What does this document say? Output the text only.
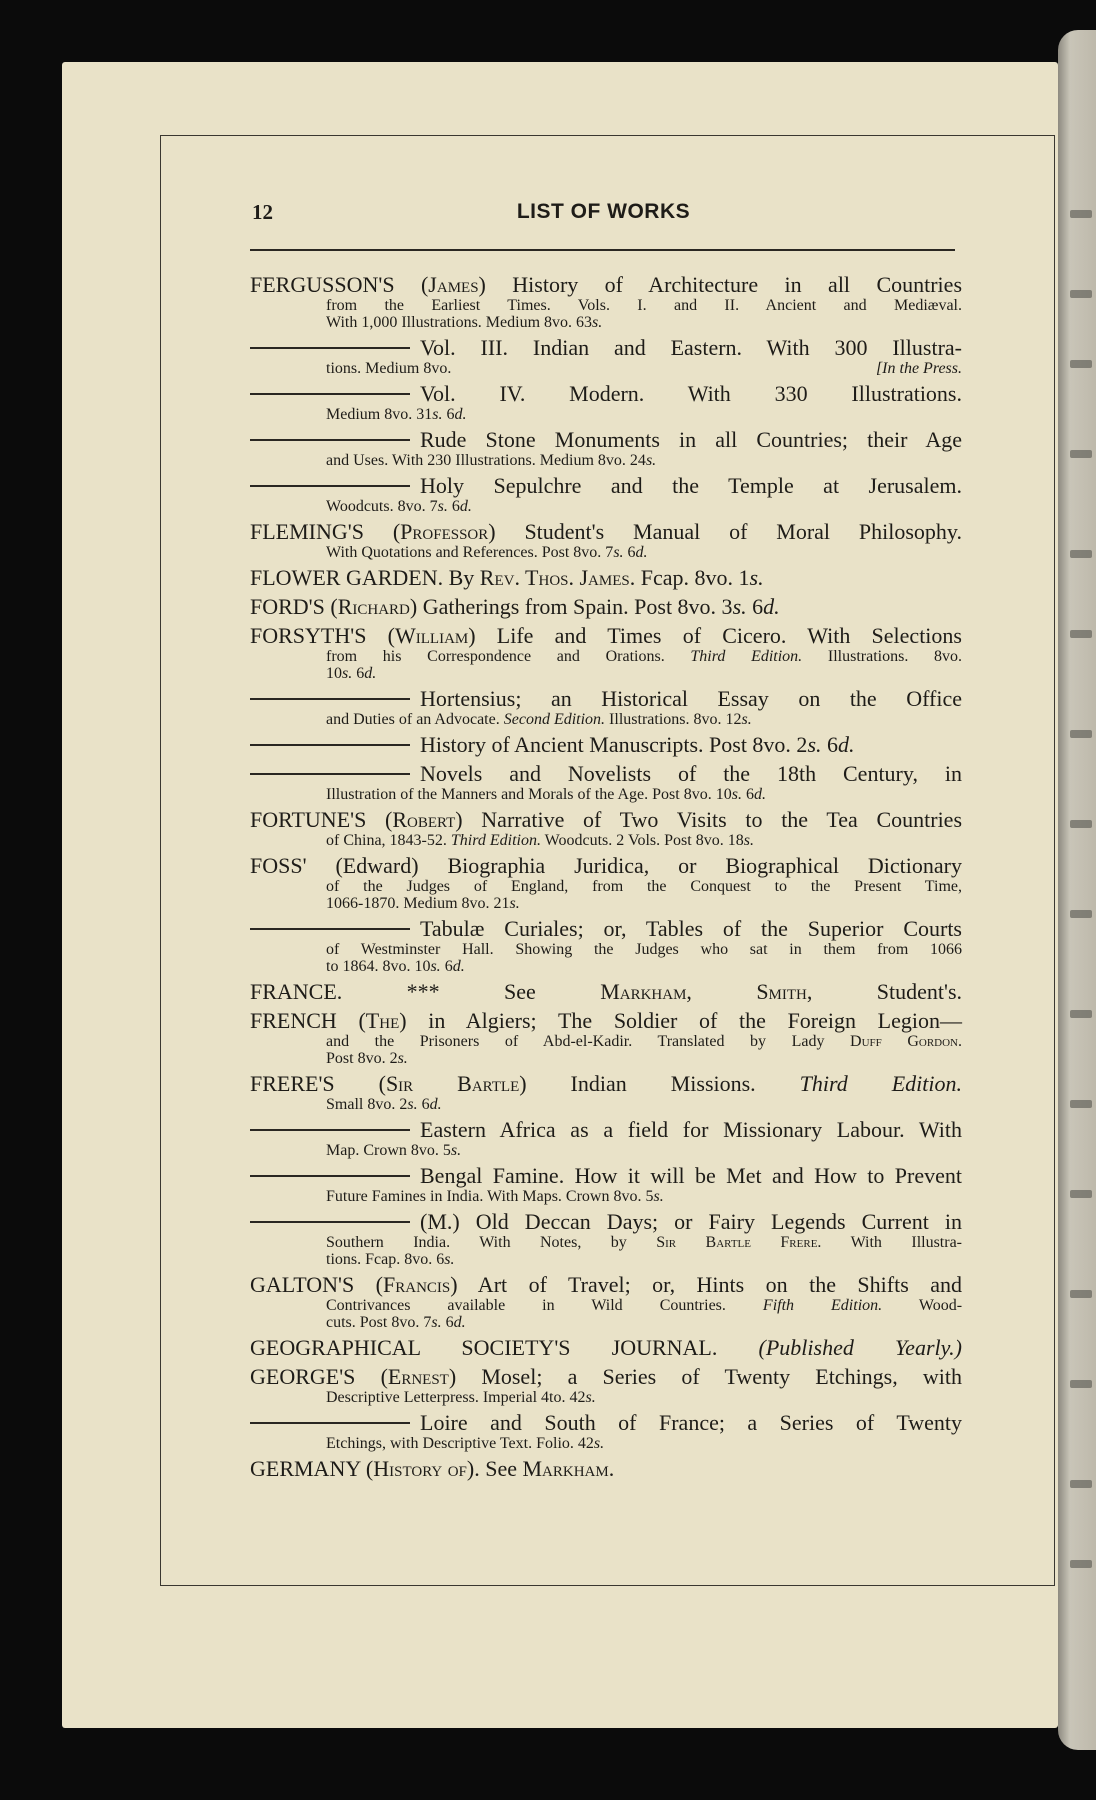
12	LIST OF WORKS
FERGUSSON'S (James) History of Architecture in all Countries
from the Earliest Times. Vols. I. and II. Ancient and Mediæval.
With 1,000 Illustrations. Medium 8vo. 63s.
Vol. III. Indian and Eastern. With 300 Illustra-
tions. Medium 8vo.	[In the Press.
Vol. IV. Modern. With 330 Illustrations.
Medium 8vo. 31s. 6d.
Rude Stone Monuments in all Countries; their Age
and Uses. With 230 Illustrations. Medium 8vo. 24s.
Holy Sepulchre and the Temple at Jerusalem.
Woodcuts. 8vo. 7s. 6d.
FLEMING'S (Professor) Student's Manual of Moral Philosophy.
With Quotations and References. Post 8vo. 7s. 6d.
FLOWER GARDEN. By Rev. Thos. James. Fcap. 8vo. 1s.
FORD'S (Richard) Gatherings from Spain. Post 8vo. 3s. 6d.
FORSYTH'S (William) Life and Times of Cicero. With Selections
from his Correspondence and Orations. Third Edition. Illustrations. 8vo.
10s. 6d.
Hortensius; an Historical Essay on the Office
and Duties of an Advocate. Second Edition. Illustrations. 8vo. 12s.
History of Ancient Manuscripts. Post 8vo. 2s. 6d.
Novels and Novelists of the 18th Century, in
Illustration of the Manners and Morals of the Age. Post 8vo. 10s. 6d.
FORTUNE'S (Robert) Narrative of Two Visits to the Tea Countries
of China, 1843-52. Third Edition. Woodcuts. 2 Vols. Post 8vo. 18s.
FOSS' (Edward) Biographia Juridica, or Biographical Dictionary
of the Judges of England, from the Conquest to the Present Time,
1066-1870. Medium 8vo. 21s.
Tabulæ Curiales; or, Tables of the Superior Courts
of Westminster Hall. Showing the Judges who sat in them from 1066
to 1864. 8vo. 10s. 6d.
FRANCE. *** See Markham, Smith, Student's.
FRENCH (The) in Algiers; The Soldier of the Foreign Legion—
and the Prisoners of Abd-el-Kadir. Translated by Lady Duff Gordon.
Post 8vo. 2s.
FRERE'S (Sir Bartle) Indian Missions. Third Edition.
Small 8vo. 2s. 6d.
Eastern Africa as a field for Missionary Labour. With
Map. Crown 8vo. 5s.
Bengal Famine. How it will be Met and How to Prevent
Future Famines in India. With Maps. Crown 8vo. 5s.
(M.) Old Deccan Days; or Fairy Legends Current in
Southern India. With Notes, by Sir Bartle Frere. With Illustra-
tions. Fcap. 8vo. 6s.
GALTON'S (Francis) Art of Travel; or, Hints on the Shifts and
Contrivances available in Wild Countries. Fifth Edition. Wood-
cuts. Post 8vo. 7s. 6d.
GEOGRAPHICAL SOCIETY'S JOURNAL. (Published Yearly.)
GEORGE'S (Ernest) Mosel; a Series of Twenty Etchings, with
Descriptive Letterpress. Imperial 4to. 42s.
Loire and South of France; a Series of Twenty
Etchings, with Descriptive Text. Folio. 42s.
GERMANY (History of). See Markham.
